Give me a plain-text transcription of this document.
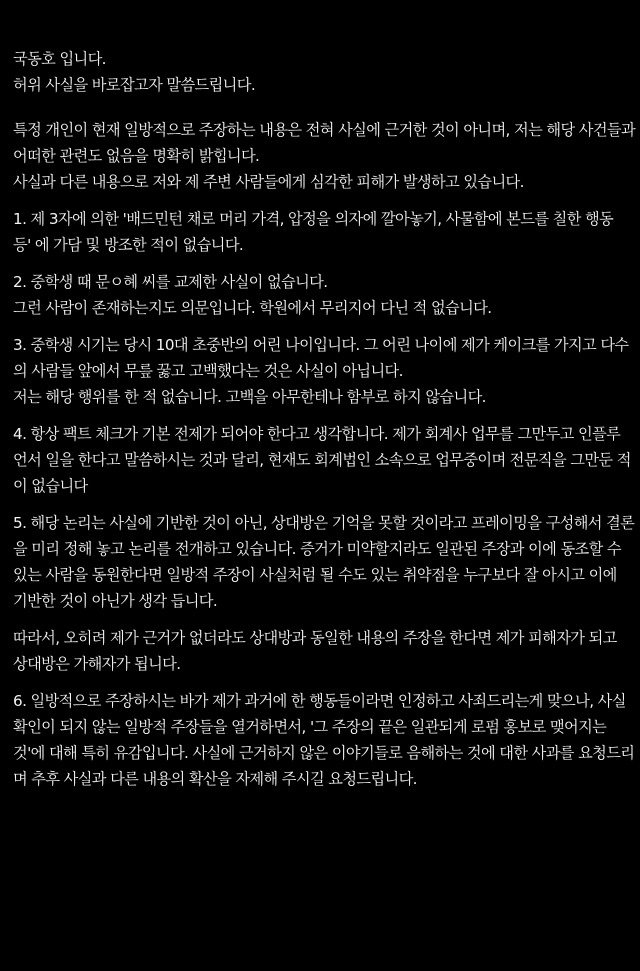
국동호 입니다.
허위 사실을 바로잡고자 말씀드립니다.

특정 개인이 현재 일방적으로 주장하는 내용은 전혀 사실에 근거한 것이 아니며, 저는 해당 사건들과
어떠한 관련도 없음을 명확히 밝힙니다.
사실과 다른 내용으로 저와 제 주변 사람들에게 심각한 피해가 발생하고 있습니다.

1. 제 3자에 의한 '배드민턴 채로 머리 가격, 압정을 의자에 깔아놓기, 사물함에 본드를 칠한 행동
등' 에 가담 및 방조한 적이 없습니다.

2. 중학생 때 문ㅇ혜 씨를 교제한 사실이 없습니다.
그런 사람이 존재하는지도 의문입니다. 학원에서 무리지어 다닌 적 없습니다.

3. 중학생 시기는 당시 10대 초중반의 어린 나이입니다. 그 어린 나이에 제가 케이크를 가지고 다수
의 사람들 앞에서 무릎 꿇고 고백했다는 것은 사실이 아닙니다.
저는 해당 행위를 한 적 없습니다. 고백을 아무한테나 함부로 하지 않습니다.

4. 항상 팩트 체크가 기본 전제가 되어야 한다고 생각합니다. 제가 회계사 업무를 그만두고 인플루
언서 일을 한다고 말씀하시는 것과 달리, 현재도 회계법인 소속으로 업무중이며 전문직을 그만둔 적
이 없습니다

5. 해당 논리는 사실에 기반한 것이 아닌, 상대방은 기억을 못할 것이라고 프레이밍을 구성해서 결론
을 미리 정해 놓고 논리를 전개하고 있습니다. 증거가 미약할지라도 일관된 주장과 이에 동조할 수
있는 사람을 동원한다면 일방적 주장이 사실처럼 될 수도 있는 취약점을 누구보다 잘 아시고 이에
기반한 것이 아닌가 생각 듭니다.

따라서, 오히려 제가 근거가 없더라도 상대방과 동일한 내용의 주장을 한다면 제가 피해자가 되고
상대방은 가해자가 됩니다.

6. 일방적으로 주장하시는 바가 제가 과거에 한 행동들이라면 인정하고 사죄드리는게 맞으나, 사실
확인이 되지 않는 일방적 주장들을 열거하면서, '그 주장의 끝은 일관되게 로펌 홍보로 맺어지는
것'에 대해 특히 유감입니다. 사실에 근거하지 않은 이야기들로 음해하는 것에 대한 사과를 요청드리
며 추후 사실과 다른 내용의 확산을 자제해 주시길 요청드립니다.
